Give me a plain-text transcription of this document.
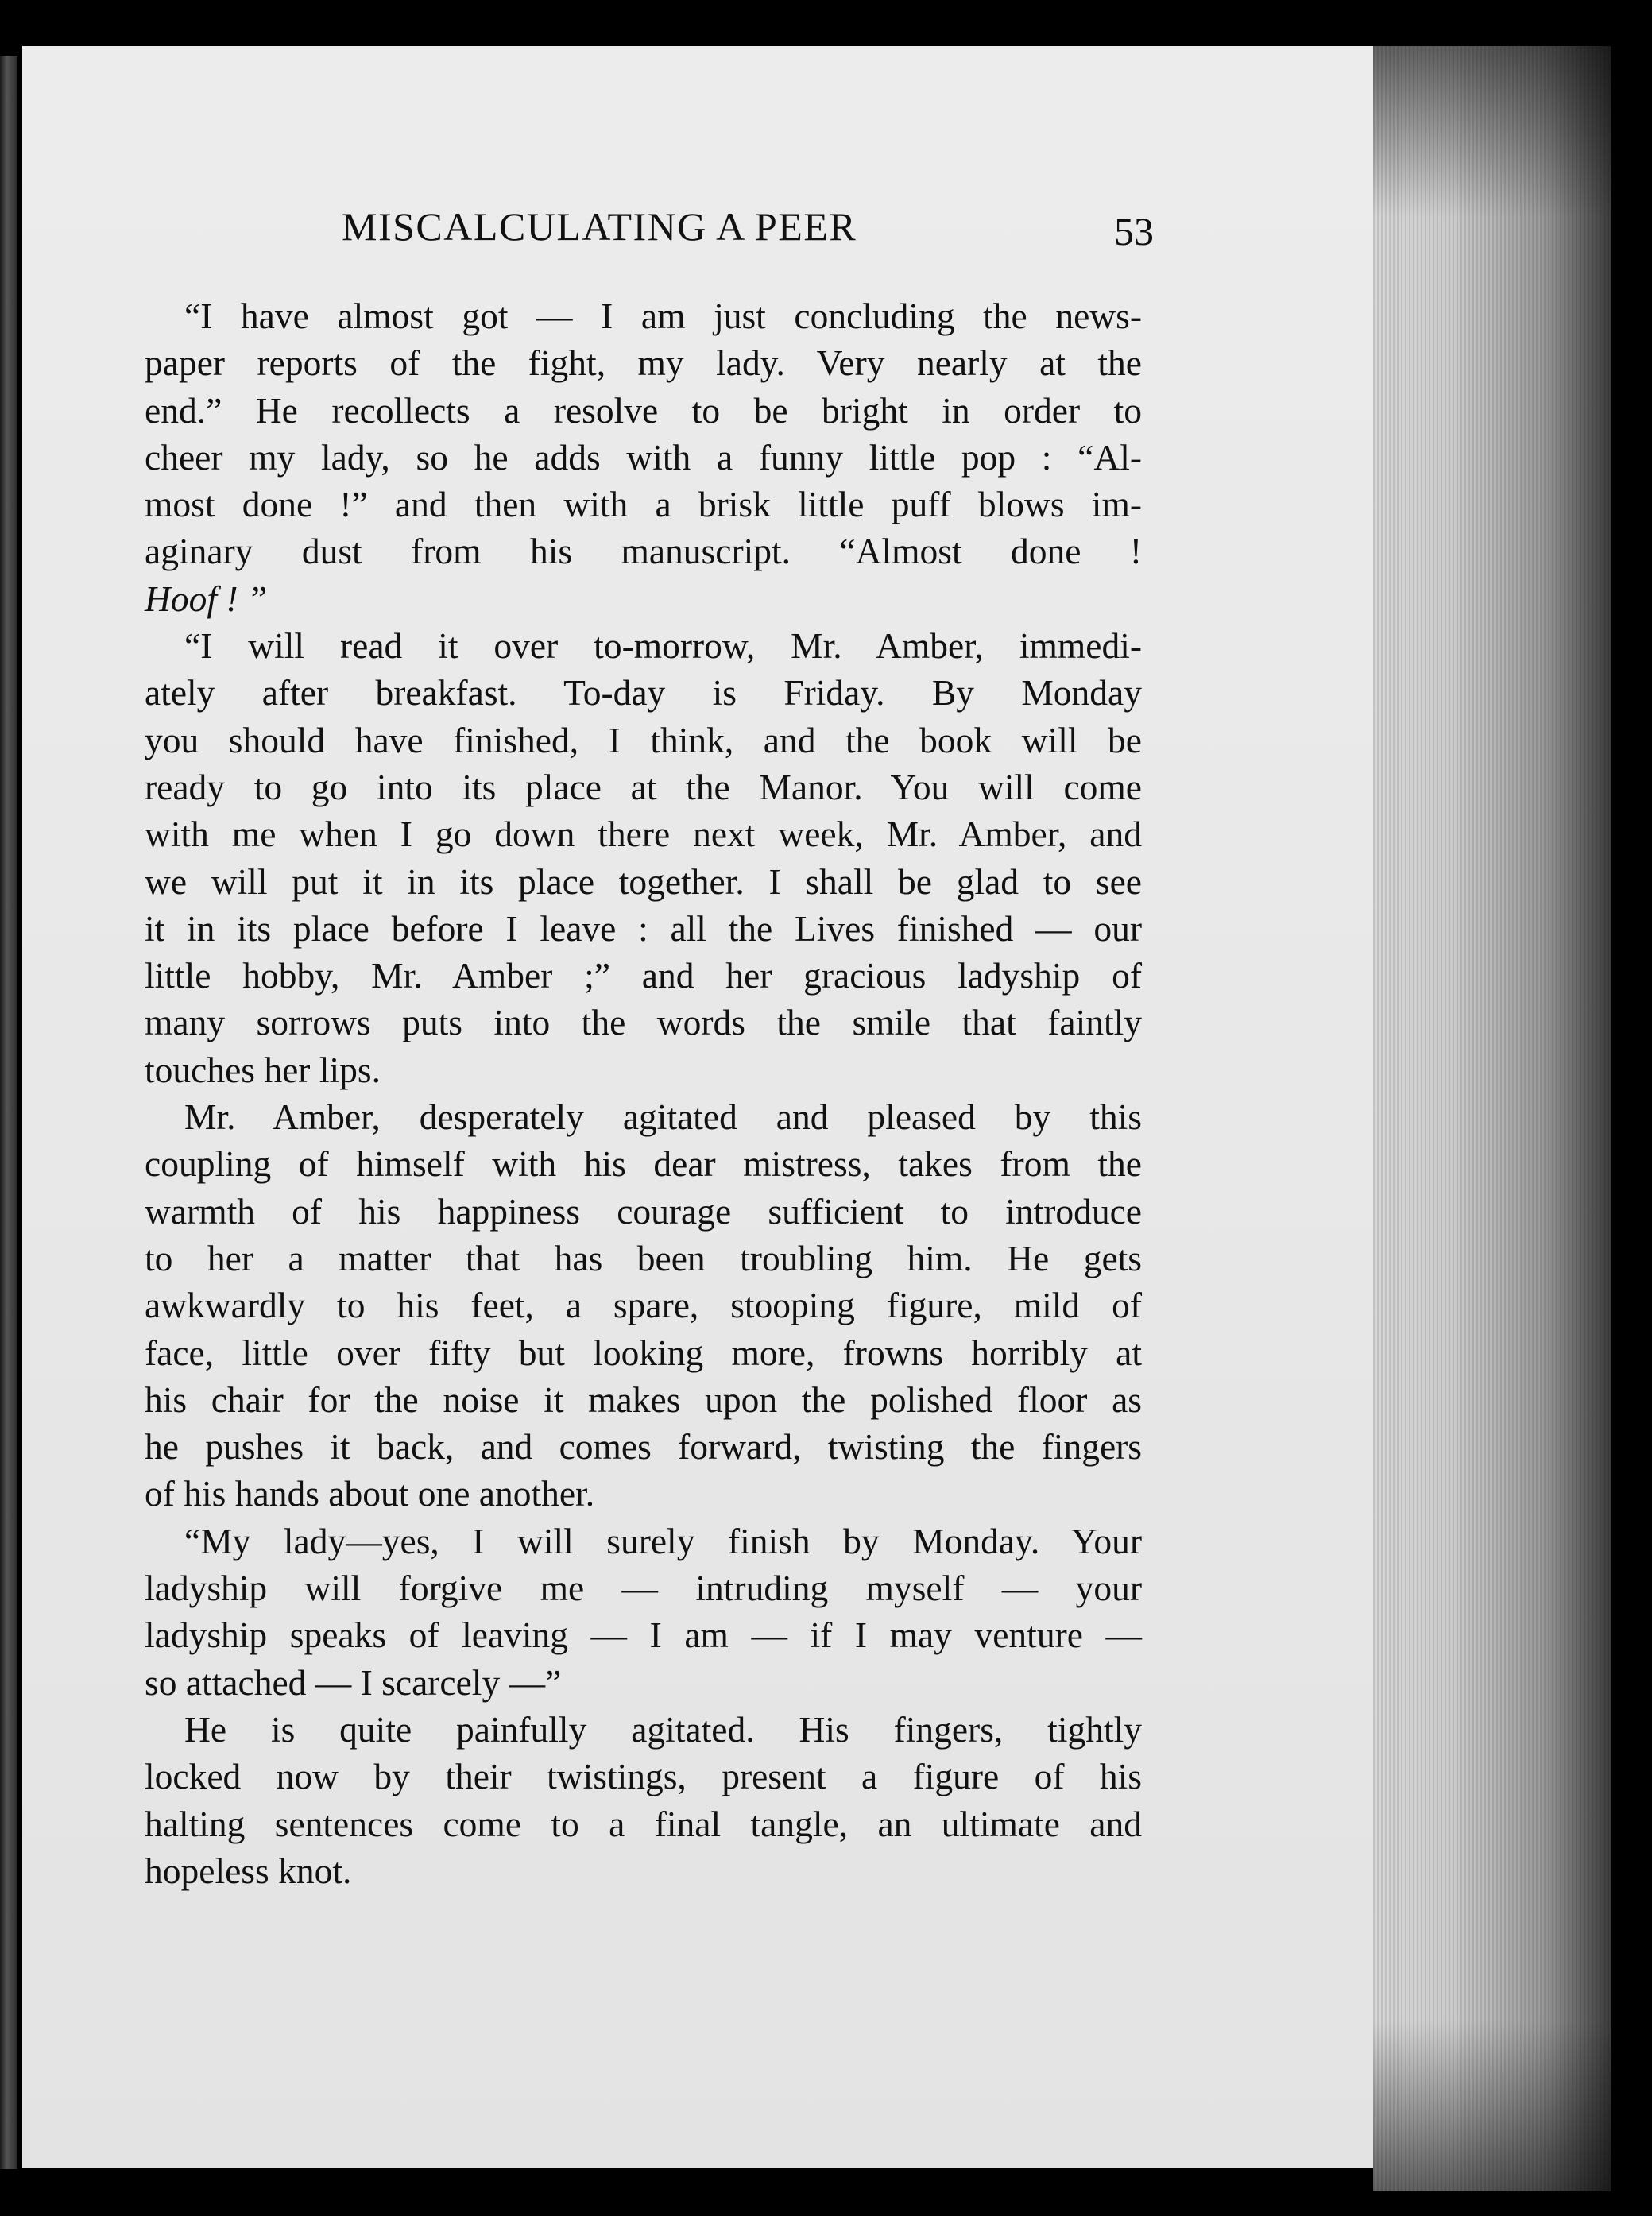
MISCALCULATING A PEER	53
“I have almost got — I am just concluding the news-
paper reports of the fight, my lady. Very nearly at the
end.” He recollects a resolve to be bright in order to
cheer my lady, so he adds with a funny little pop : “Al-
most done !” and then with a brisk little puff blows im-
aginary dust from his manuscript. “Almost done !
Hoof ! ”
“I will read it over to-morrow, Mr. Amber, immedi-
ately after breakfast. To-day is Friday. By Monday
you should have finished, I think, and the book will be
ready to go into its place at the Manor. You will come
with me when I go down there next week, Mr. Amber, and
we will put it in its place together. I shall be glad to see
it in its place before I leave : all the Lives finished — our
little hobby, Mr. Amber ;” and her gracious ladyship of
many sorrows puts into the words the smile that faintly
touches her lips.
Mr. Amber, desperately agitated and pleased by this
coupling of himself with his dear mistress, takes from the
warmth of his happiness courage sufficient to introduce
to her a matter that has been troubling him. He gets
awkwardly to his feet, a spare, stooping figure, mild of
face, little over fifty but looking more, frowns horribly at
his chair for the noise it makes upon the polished floor as
he pushes it back, and comes forward, twisting the fingers
of his hands about one another.
“My lady—yes, I will surely finish by Monday. Your
ladyship will forgive me — intruding myself — your
ladyship speaks of leaving — I am — if I may venture —
so attached — I scarcely —”
He is quite painfully agitated. His fingers, tightly
locked now by their twistings, present a figure of his
halting sentences come to a final tangle, an ultimate and
hopeless knot.
